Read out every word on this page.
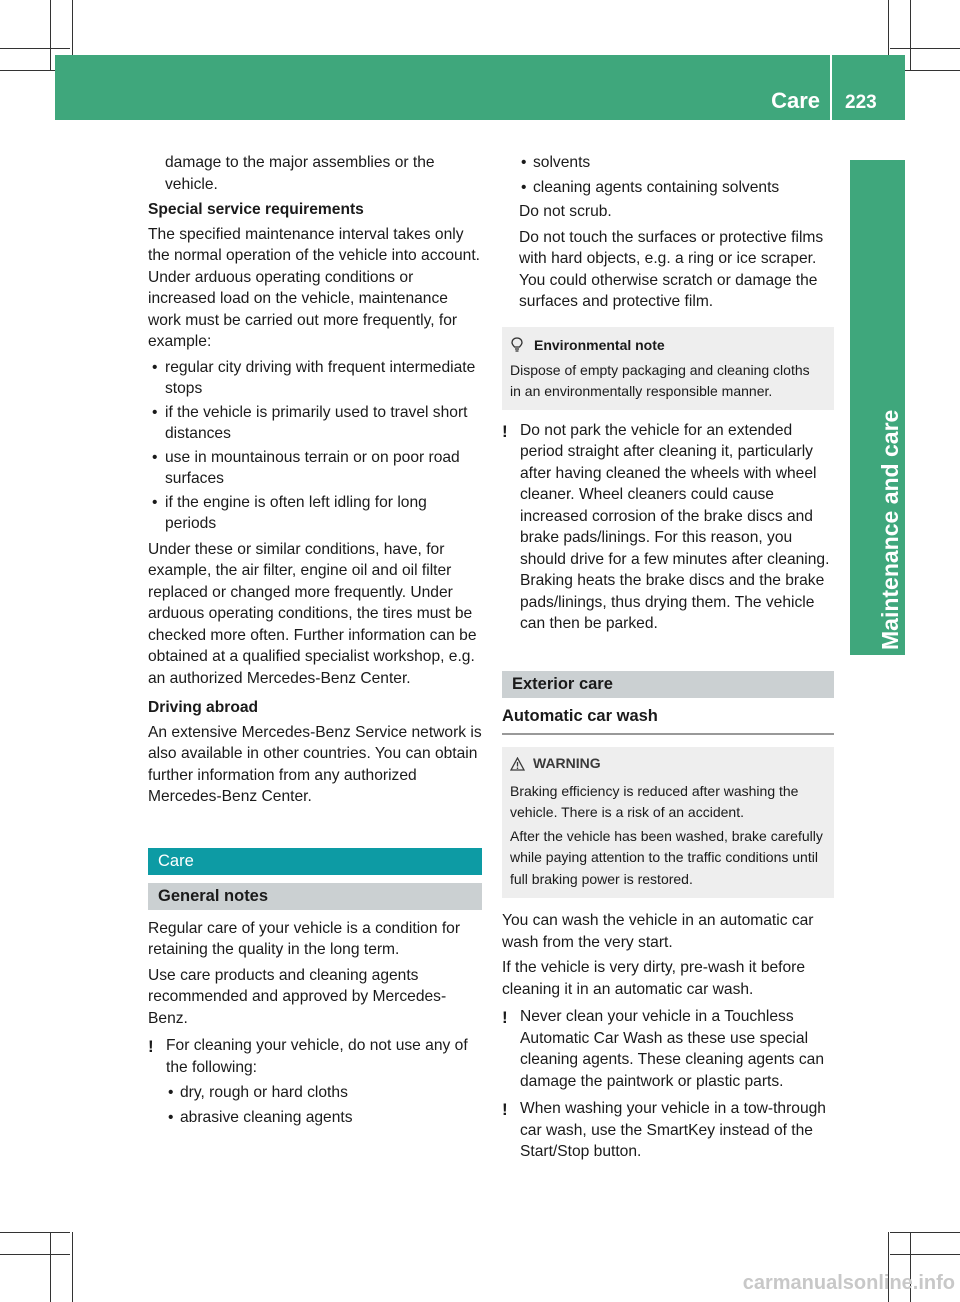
Care 223
Maintenance and care

damage to the major assemblies or the vehicle.

Special service requirements

The specified maintenance interval takes only the normal operation of the vehicle into account. Under arduous operating conditions or increased load on the vehicle, maintenance work must be carried out more frequently, for example:

• regular city driving with frequent intermediate stops
• if the vehicle is primarily used to travel short distances
• use in mountainous terrain or on poor road surfaces
• if the engine is often left idling for long periods

Under these or similar conditions, have, for example, the air filter, engine oil and oil filter replaced or changed more frequently. Under arduous operating conditions, the tires must be checked more often. Further information can be obtained at a qualified specialist workshop, e.g. an authorized Mercedes-Benz Center.

Driving abroad

An extensive Mercedes-Benz Service network is also available in other countries. You can obtain further information from any authorized Mercedes-Benz Center.

Care
General notes

Regular care of your vehicle is a condition for retaining the quality in the long term.

Use care products and cleaning agents recommended and approved by Mercedes-Benz.

! For cleaning your vehicle, do not use any of the following:
• dry, rough or hard cloths
• abrasive cleaning agents
• solvents
• cleaning agents containing solvents

Do not scrub.

Do not touch the surfaces or protective films with hard objects, e.g. a ring or ice scraper. You could otherwise scratch or damage the surfaces and protective film.

Environmental note
Dispose of empty packaging and cleaning cloths in an environmentally responsible manner.
! Do not park the vehicle for an extended period straight after cleaning it, particularly after having cleaned the wheels with wheel cleaner. Wheel cleaners could cause increased corrosion of the brake discs and brake pads/linings. For this reason, you should drive for a few minutes after cleaning. Braking heats the brake discs and the brake pads/linings, thus drying them. The vehicle can then be parked.
Exterior care
Automatic car wash
WARNING

Braking efficiency is reduced after washing the vehicle. There is a risk of an accident.

After the vehicle has been washed, brake carefully while paying attention to the traffic conditions until full braking power is restored.

You can wash the vehicle in an automatic car wash from the very start.

If the vehicle is very dirty, pre-wash it before cleaning it in an automatic car wash.

! Never clean your vehicle in a Touchless Automatic Car Wash as these use special cleaning agents. These cleaning agents can damage the paintwork or plastic parts.
! When washing your vehicle in a tow-through car wash, use the SmartKey instead of the Start/Stop button.
carmanualsonline.info
